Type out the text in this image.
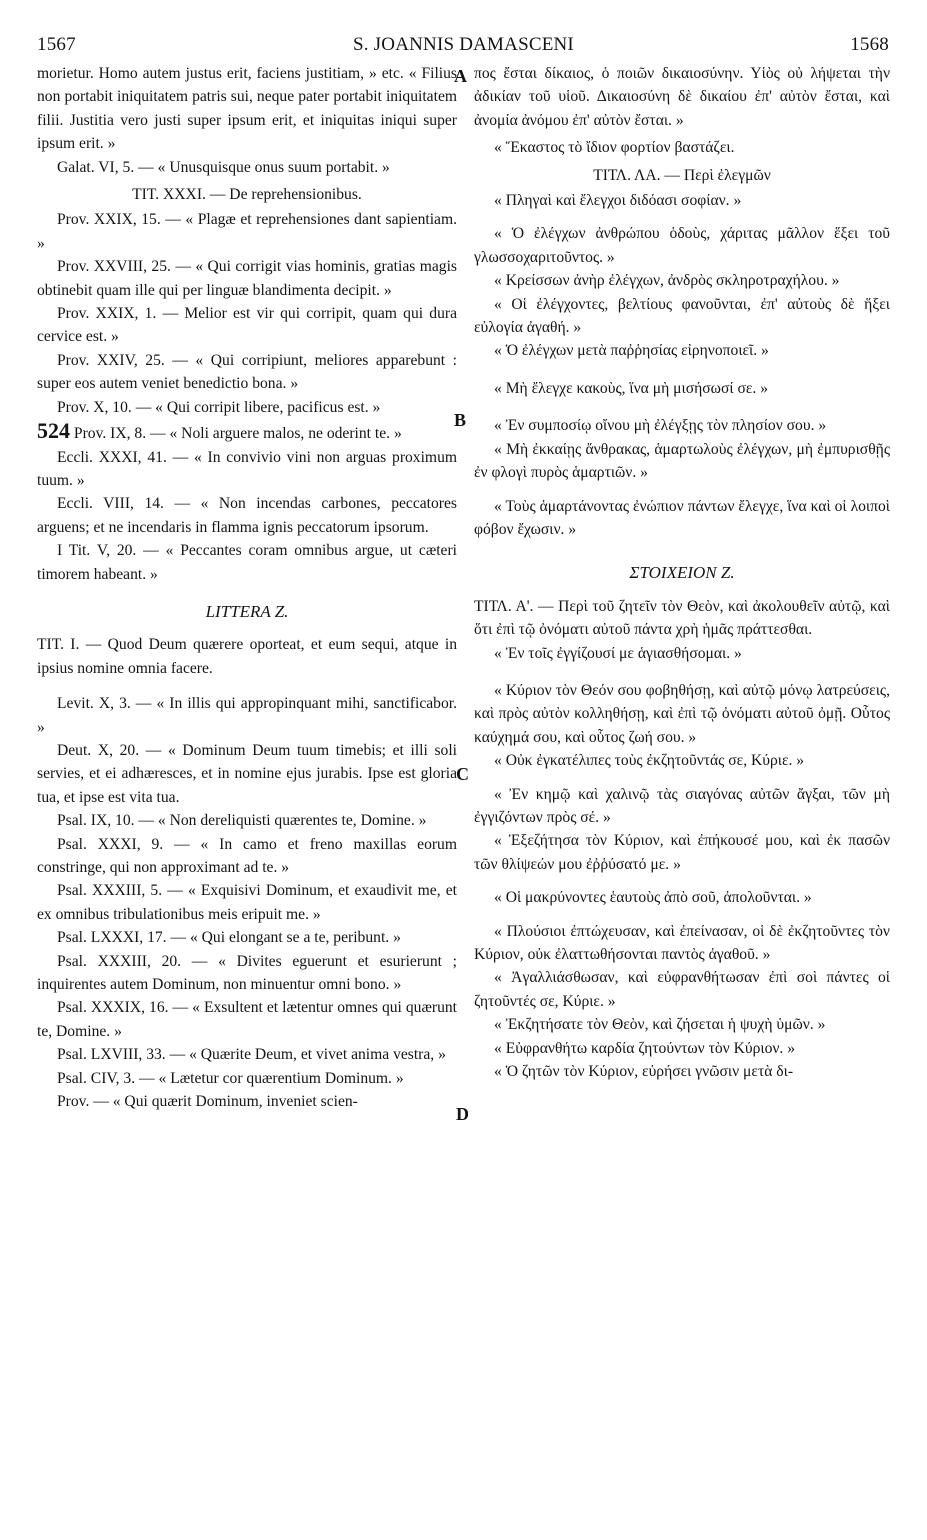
1567	S. JOANNIS DAMASCENI	1568
A
B
C
D

morietur. Homo autem justus erit, faciens justitiam, » etc. « Filius non portabit iniquitatem patris sui, neque pater portabit iniquitatem filii. Justitia vero justi super ipsum erit, et iniquitas iniqui super ipsum erit. »

Galat. VI, 5. — « Unusquisque onus suum portabit. »

TIT. XXXI. — De reprehensionibus.

Prov. XXIX, 15. — « Plagæ et reprehensiones dant sapientiam. »

Prov. XXVIII, 25. — « Qui corrigit vias hominis, gratias magis obtinebit quam ille qui per linguæ blandimenta decipit. »

Prov. XXIX, 1. — Melior est vir qui corripit, quam qui dura cervice est. »

Prov. XXIV, 25. — « Qui corripiunt, meliores apparebunt : super eos autem veniet benedictio bona. »

Prov. X, 10. — « Qui corripit libere, pacificus est. »

524 Prov. IX, 8. — « Noli arguere malos, ne oderint te. »

Eccli. XXXI, 41. — « In convivio vini non arguas proximum tuum. »

Eccli. VIII, 14. — « Non incendas carbones, peccatores arguens; et ne incendaris in flamma ignis peccatorum ipsorum.

I Tit. V, 20. — « Peccantes coram omnibus argue, ut cæteri timorem habeant. »

LITTERA Z.

TIT. I. — Quod Deum quærere oporteat, et eum sequi, atque in ipsius nomine omnia facere.

Levit. X, 3. — « In illis qui appropinquant mihi, sanctificabor. »

Deut. X, 20. — « Dominum Deum tuum timebis; et illi soli servies, et ei adhæresces, et in nomine ejus jurabis. Ipse est gloria tua, et ipse est vita tua.

Psal. IX, 10. — « Non dereliquisti quærentes te, Domine. »

Psal. XXXI, 9. — « In camo et freno maxillas eorum constringe, qui non approximant ad te. »

Psal. XXXIII, 5. — « Exquisivi Dominum, et exaudivit me, et ex omnibus tribulationibus meis eripuit me. »

Psal. LXXXI, 17. — « Qui elongant se a te, peribunt. »

Psal. XXXIII, 20. — « Divites eguerunt et esurierunt ; inquirentes autem Dominum, non minuentur omni bono. »

Psal. XXXIX, 16. — « Exsultent et lætentur omnes qui quærunt te, Domine. »

Psal. LXVIII, 33. — « Quærite Deum, et vivet anima vestra, »

Psal. CIV, 3. — « Lætetur cor quærentium Dominum. »

Prov. — « Qui quærit Dominum, inveniet scien-

πος ἔσται δίκαιος, ὁ ποιῶν δικαιοσύνην. Υἱὸς οὐ λήψεται τὴν ἀδικίαν τοῦ υἱοῦ. Δικαιοσύνη δὲ δικαίου ἐπ' αὐτὸν ἔσται, καὶ ἀνομία ἀνόμου ἐπ' αὐτὸν ἔσται. »

« Ἕκαστος τὸ ἴδιον φορτίον βαστάζει.

ΤΙΤΛ. ΛΑ. — Περὶ ἐλεγμῶν

« Πληγαὶ καὶ ἔλεγχοι διδόασι σοφίαν. »

« Ὁ ἐλέγχων ἀνθρώπου ὁδοὺς, χάριτας μᾶλλον ἕξει τοῦ γλωσσοχαριτοῦντος. »

« Κρείσσων ἀνὴρ ἐλέγχων, ἀνδρὸς σκληροτραχήλου. »

« Οἱ ἐλέγχοντες, βελτίους φανοῦνται, ἐπ' αὐτοὺς δὲ ἥξει εὐλογία ἀγαθή. »

« Ὁ ἐλέγχων μετὰ παῤῥησίας εἰρηνοποιεῖ. »

« Μὴ ἔλεγχε κακοὺς, ἵνα μὴ μισήσωσί σε. »

« Ἐν συμποσίῳ οἴνου μὴ ἐλέγξῃς τὸν πλησίον σου. »

« Μὴ ἐκκαίῃς ἄνθρακας, ἁμαρτωλοὺς ἐλέγχων, μὴ ἐμπυρισθῇς ἐν φλογὶ πυρὸς ἁμαρτιῶν. »

« Τοὺς ἁμαρτάνοντας ἐνώπιον πάντων ἔλεγχε, ἵνα καὶ οἱ λοιποὶ φόβον ἔχωσιν. »

ΣΤΟΙΧΕΙΟΝ Ζ.

ΤΙΤΛ. Α'. — Περὶ τοῦ ζητεῖν τὸν Θεὸν, καὶ ἀκολουθεῖν αὐτῷ, καὶ ὅτι ἐπὶ τῷ ὀνόματι αὐτοῦ πάντα χρὴ ἡμᾶς πράττεσθαι.

« Ἐν τοῖς ἐγγίζουσί με ἁγιασθήσομαι. »

« Κύριον τὸν Θεόν σου φοβηθήσῃ, καὶ αὐτῷ μόνῳ λατρεύσεις, καὶ πρὸς αὐτὸν κολληθήσῃ, καὶ ἐπὶ τῷ ὀνόματι αὐτοῦ ὀμῇ. Οὗτος καύχημά σου, καὶ οὗτος ζωή σου. »

« Οὐκ ἐγκατέλιπες τοὺς ἐκζητοῦντάς σε, Κύριε. »

« Ἐν κημῷ καὶ χαλινῷ τὰς σιαγόνας αὐτῶν ἄγξαι, τῶν μὴ ἐγγιζόντων πρὸς σέ. »

« Ἐξεζήτησα τὸν Κύριον, καὶ ἐπήκουσέ μου, καὶ ἐκ πασῶν τῶν θλίψεών μου ἐῤῥύσατό με. »

« Οἱ μακρύνοντες ἑαυτοὺς ἀπὸ σοῦ, ἀπολοῦνται. »

« Πλούσιοι ἐπτώχευσαν, καὶ ἐπείνασαν, οἱ δὲ ἐκζητοῦντες τὸν Κύριον, οὐκ ἐλαττωθήσονται παντὸς ἀγαθοῦ. »

« Ἀγαλλιάσθωσαν, καὶ εὐφρανθήτωσαν ἐπὶ σοὶ πάντες οἱ ζητοῦντές σε, Κύριε. »

« Ἐκζητήσατε τὸν Θεὸν, καὶ ζήσεται ἡ ψυχὴ ὑμῶν. »

« Εὐφρανθήτω καρδία ζητούντων τὸν Κύριον. »

« Ὁ ζητῶν τὸν Κύριον, εὑρήσει γνῶσιν μετὰ δι-
